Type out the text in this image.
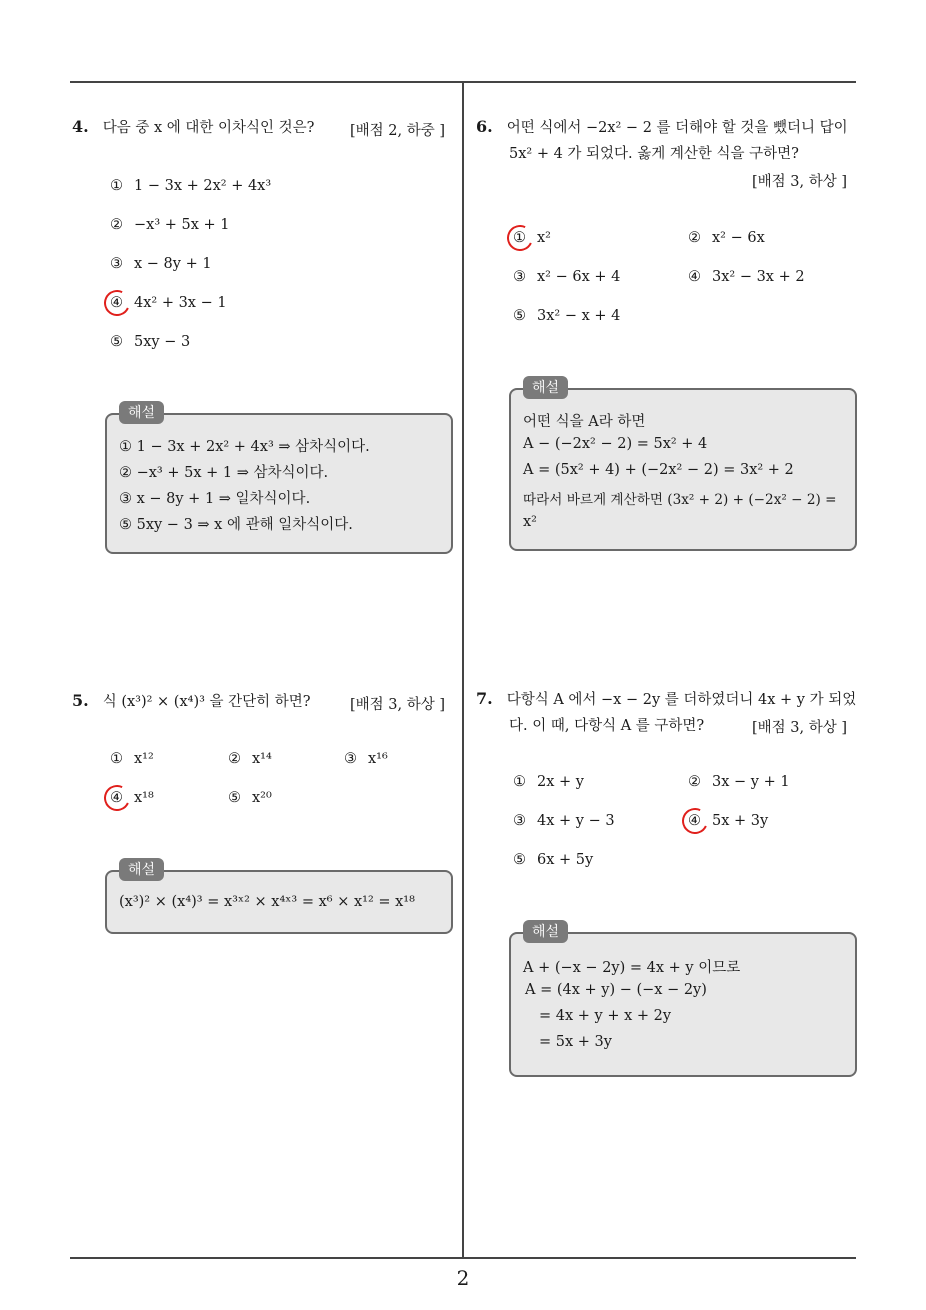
4. 다음 중 x 에 대한 이차식인 것은? [배점 2, 하중 ]
① 1 − 3x + 2x² + 4x³
② −x³ + 5x + 1
③ x − 8y + 1
④ 4x² + 3x − 1
⑤ 5xy − 3
① 1 − 3x + 2x² + 4x³ ⇒ 삼차식이다.
② −x³ + 5x + 1 ⇒ 삼차식이다.
③ x − 8y + 1 ⇒ 일차식이다.
⑤ 5xy − 3 ⇒ x 에 관해 일차식이다.
해설
5. 식 (x³)² × (x⁴)³ 을 간단히 하면?	[배점 3, 하상 ]
① x¹²	② x¹⁴	③ x¹⁶
④ x¹⁸	⑤ x²⁰
(x³)² × (x⁴)³ = x³ˣ² × x⁴ˣ³ = x⁶ × x¹² = x¹⁸
해설
6. 어떤 식에서 −2x² − 2 를 더해야 할 것을 뺐더니 답이
5x² + 4 가 되었다. 옳게 계산한 식을 구하면?
[배점 3, 하상 ]
① x²	② x² − 6x
③ x² − 6x + 4	④ 3x² − 3x + 2
⑤ 3x² − x + 4
어떤 식을 A라 하면
A − (−2x² − 2) = 5x² + 4
A = (5x² + 4) + (−2x² − 2) = 3x² + 2
따라서 바르게 계산하면 (3x² + 2) + (−2x² − 2) =
x²
해설
7. 다항식 A 에서 −x − 2y 를 더하였더니 4x + y 가 되었
다. 이 때, 다항식 A 를 구하면?	[배점 3, 하상 ]
① 2x + y	② 3x − y + 1
③ 4x + y − 3	④ 5x + 3y
⑤ 6x + 5y
A + (−x − 2y) = 4x + y 이므로
A = (4x + y) − (−x − 2y)
= 4x + y + x + 2y
= 5x + 3y
해설
2
